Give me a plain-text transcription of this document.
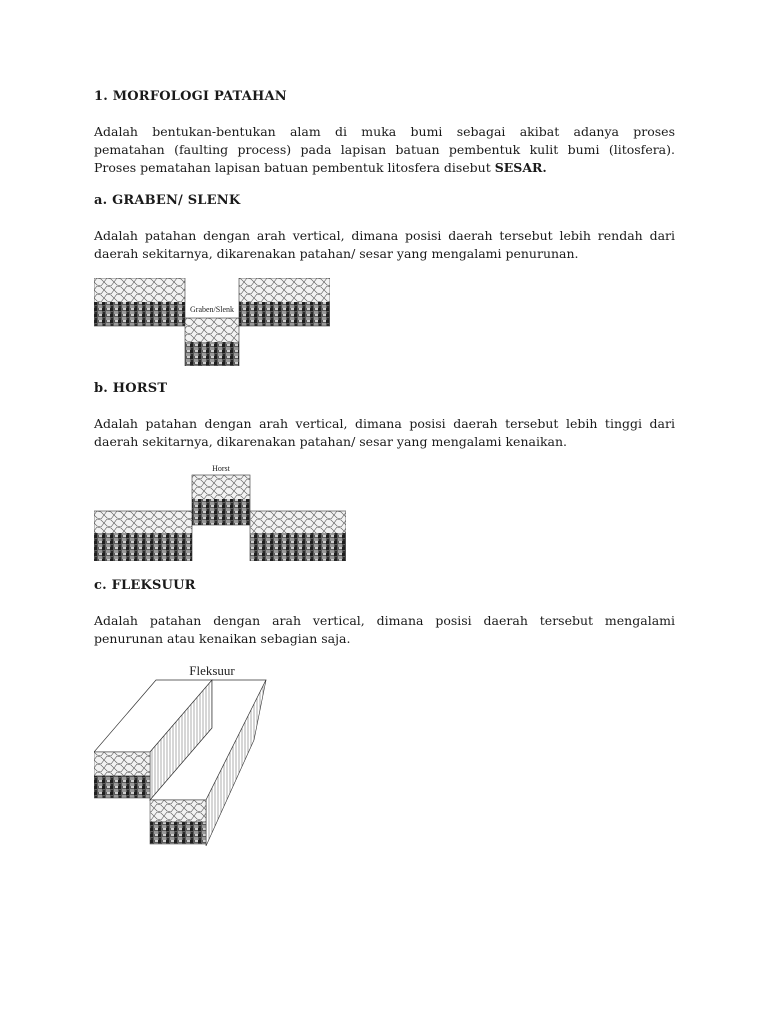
1. MORFOLOGI PATAHAN
Adalah bentukan-bentukan alam di muka bumi sebagai akibat adanya proses
pematahan (faulting process) pada lapisan batuan pembentuk kulit bumi (litosfera).
Proses pematahan lapisan batuan pembentuk litosfera disebut SESAR.
a. GRABEN/ SLENK
Adalah patahan dengan arah vertical, dimana posisi daerah tersebut lebih rendah dari
daerah sekitarnya, dikarenakan patahan/ sesar yang mengalami penurunan.
Graben/Slenk
b. HORST
Adalah patahan dengan arah vertical, dimana posisi daerah tersebut lebih tinggi dari
daerah sekitarnya, dikarenakan patahan/ sesar yang mengalami kenaikan.
Horst
c. FLEKSUUR
Adalah patahan dengan arah vertical, dimana posisi daerah tersebut mengalami
penurunan atau kenaikan sebagian saja.
Fleksuur
